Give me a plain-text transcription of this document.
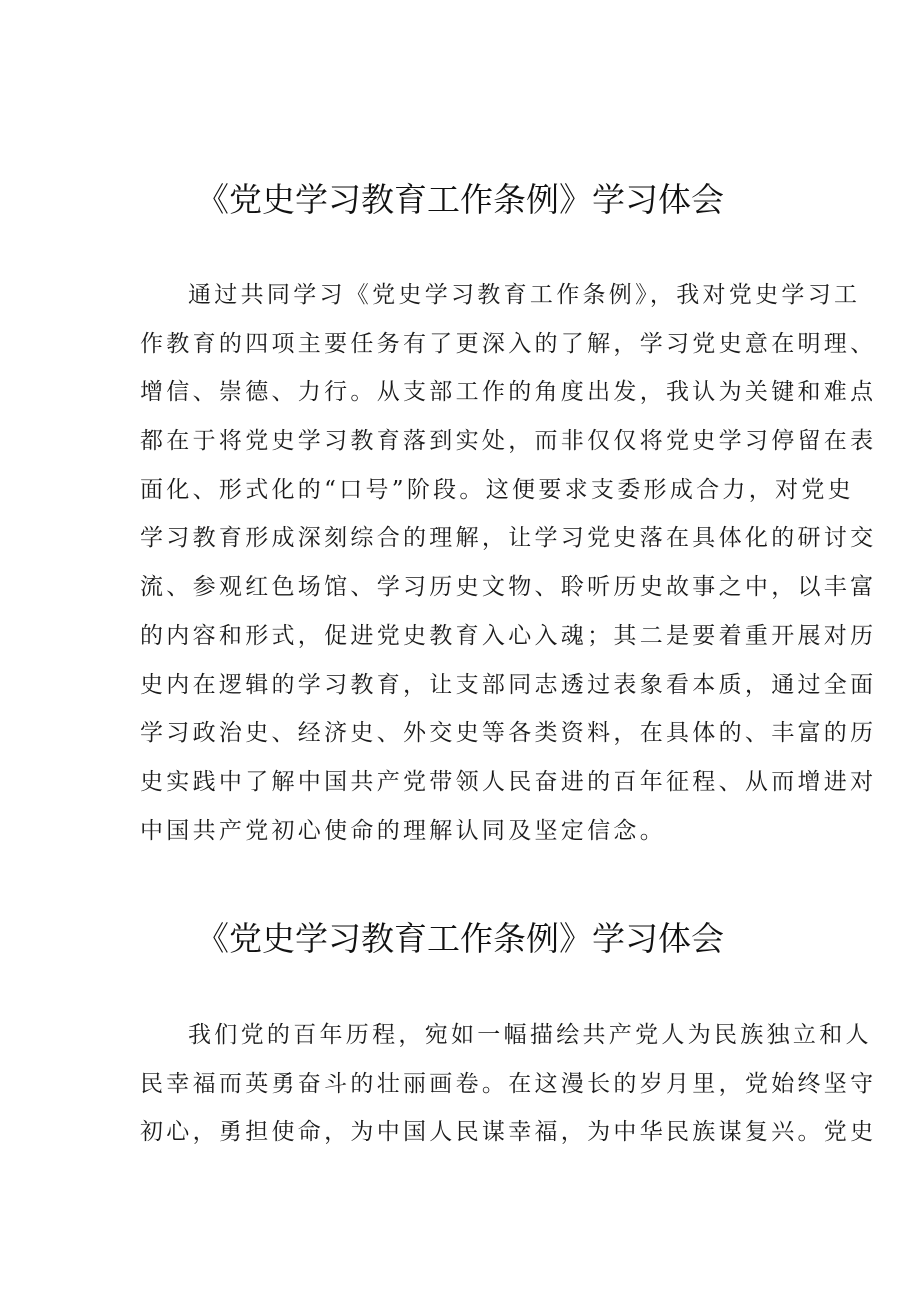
《党史学习教育工作条例》学习体会
通过共同学习《党史学习教育工作条例》，我对党史学习工
作教育的四项主要任务有了更深入的了解，学习党史意在明理、
增信、崇德、力行。从支部工作的角度出发，我认为关键和难点
都在于将党史学习教育落到实处，而非仅仅将党史学习停留在表
面化、形式化的“口号”阶段。这便要求支委形成合力，对党史
学习教育形成深刻综合的理解，让学习党史落在具体化的研讨交
流、参观红色场馆、学习历史文物、聆听历史故事之中，以丰富
的内容和形式，促进党史教育入心入魂；其二是要着重开展对历
史内在逻辑的学习教育，让支部同志透过表象看本质，通过全面
学习政治史、经济史、外交史等各类资料，在具体的、丰富的历
史实践中了解中国共产党带领人民奋进的百年征程、从而增进对
中国共产党初心使命的理解认同及坚定信念。
《党史学习教育工作条例》学习体会
我们党的百年历程，宛如一幅描绘共产党人为民族独立和人
民幸福而英勇奋斗的壮丽画卷。在这漫长的岁月里，党始终坚守
初心，勇担使命，为中国人民谋幸福，为中华民族谋复兴。党史
